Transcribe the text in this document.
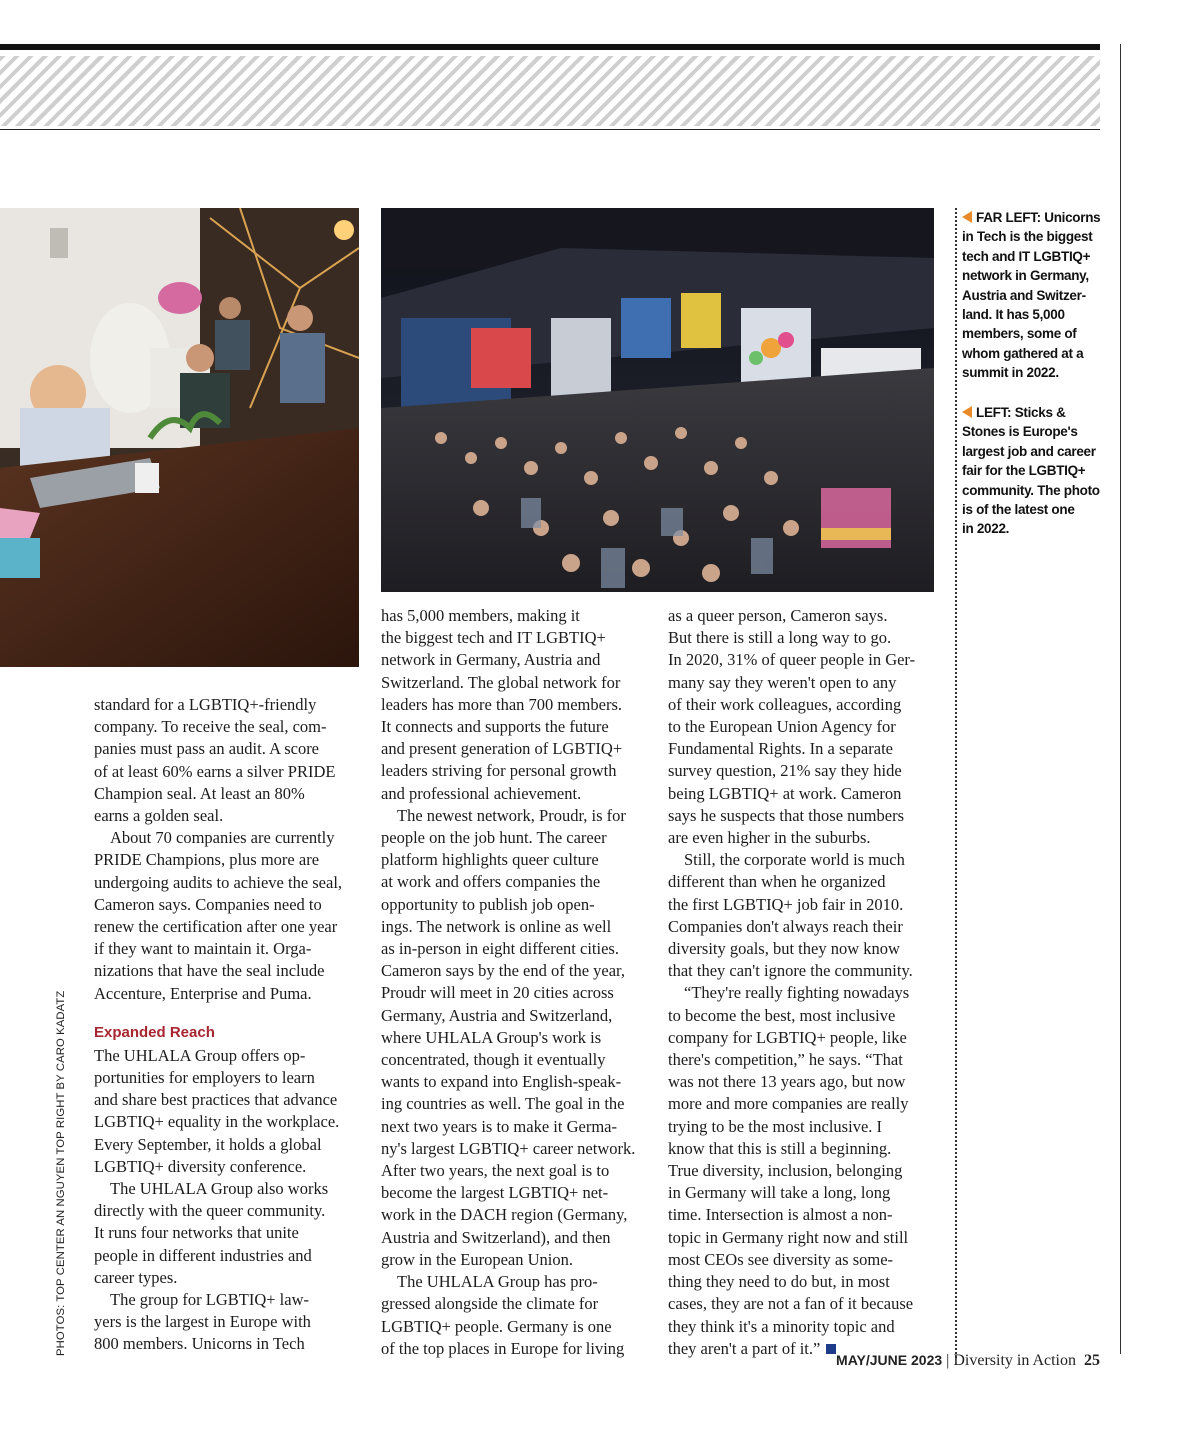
PHOTOS: TOP CENTER AN NGUYEN TOP RIGHT BY CARO KADATZ

standard for a LGBTIQ+-friendly
company. To receive the seal, com-
panies must pass an audit. A score
of at least 60% earns a silver PRIDE
Champion seal. At least an 80%
earns a golden seal.

About 70 companies are currently
PRIDE Champions, plus more are
undergoing audits to achieve the seal,
Cameron says. Companies need to
renew the certification after one year
if they want to maintain it. Orga-
nizations that have the seal include
Accenture, Enterprise and Puma.

Expanded Reach

The UHLALA Group offers op-
portunities for employers to learn
and share best practices that advance
LGBTIQ+ equality in the workplace.
Every September, it holds a global
LGBTIQ+ diversity conference.

The UHLALA Group also works
directly with the queer community.
It runs four networks that unite
people in different industries and
career types.

The group for LGBTIQ+ law-
yers is the largest in Europe with
800 members. Unicorns in Tech

has 5,000 members, making it
the biggest tech and IT LGBTIQ+
network in Germany, Austria and
Switzerland. The global network for
leaders has more than 700 members.
It connects and supports the future
and present generation of LGBTIQ+
leaders striving for personal growth
and professional achievement.

The newest network, Proudr, is for
people on the job hunt. The career
platform highlights queer culture
at work and offers companies the
opportunity to publish job open-
ings. The network is online as well
as in-person in eight different cities.
Cameron says by the end of the year,
Proudr will meet in 20 cities across
Germany, Austria and Switzerland,
where UHLALA Group's work is
concentrated, though it eventually
wants to expand into English-speak-
ing countries as well. The goal in the
next two years is to make it Germa-
ny's largest LGBTIQ+ career network.
After two years, the next goal is to
become the largest LGBTIQ+ net-
work in the DACH region (Germany,
Austria and Switzerland), and then
grow in the European Union.

The UHLALA Group has pro-
gressed alongside the climate for
LGBTIQ+ people. Germany is one
of the top places in Europe for living

as a queer person, Cameron says.
But there is still a long way to go.
In 2020, 31% of queer people in Ger-
many say they weren't open to any
of their work colleagues, according
to the European Union Agency for
Fundamental Rights. In a separate
survey question, 21% say they hide
being LGBTIQ+ at work. Cameron
says he suspects that those numbers
are even higher in the suburbs.

Still, the corporate world is much
different than when he organized
the first LGBTIQ+ job fair in 2010.
Companies don't always reach their
diversity goals, but they now know
that they can't ignore the community.

“They're really fighting nowadays
to become the best, most inclusive
company for LGBTIQ+ people, like
there's competition,” he says. “That
was not there 13 years ago, but now
more and more companies are really
trying to be the most inclusive. I
know that this is still a beginning.
True diversity, inclusion, belonging
in Germany will take a long, long
time. Intersection is almost a non-
topic in Germany right now and still
most CEOs see diversity as some-
thing they need to do but, in most
cases, they are not a fan of it because
they think it's a minority topic and
they aren't a part of it.”

FAR LEFT: Unicorns
in Tech is the biggest
tech and IT LGBTIQ+
network in Germany,
Austria and Switzer-
land. It has 5,000
members, some of
whom gathered at a
summit in 2022.
LEFT: Sticks &
Stones is Europe's
largest job and career
fair for the LGBTIQ+
community. The photo
is of the latest one
in 2022.
MAY/JUNE 2023 | Diversity in Action 25
